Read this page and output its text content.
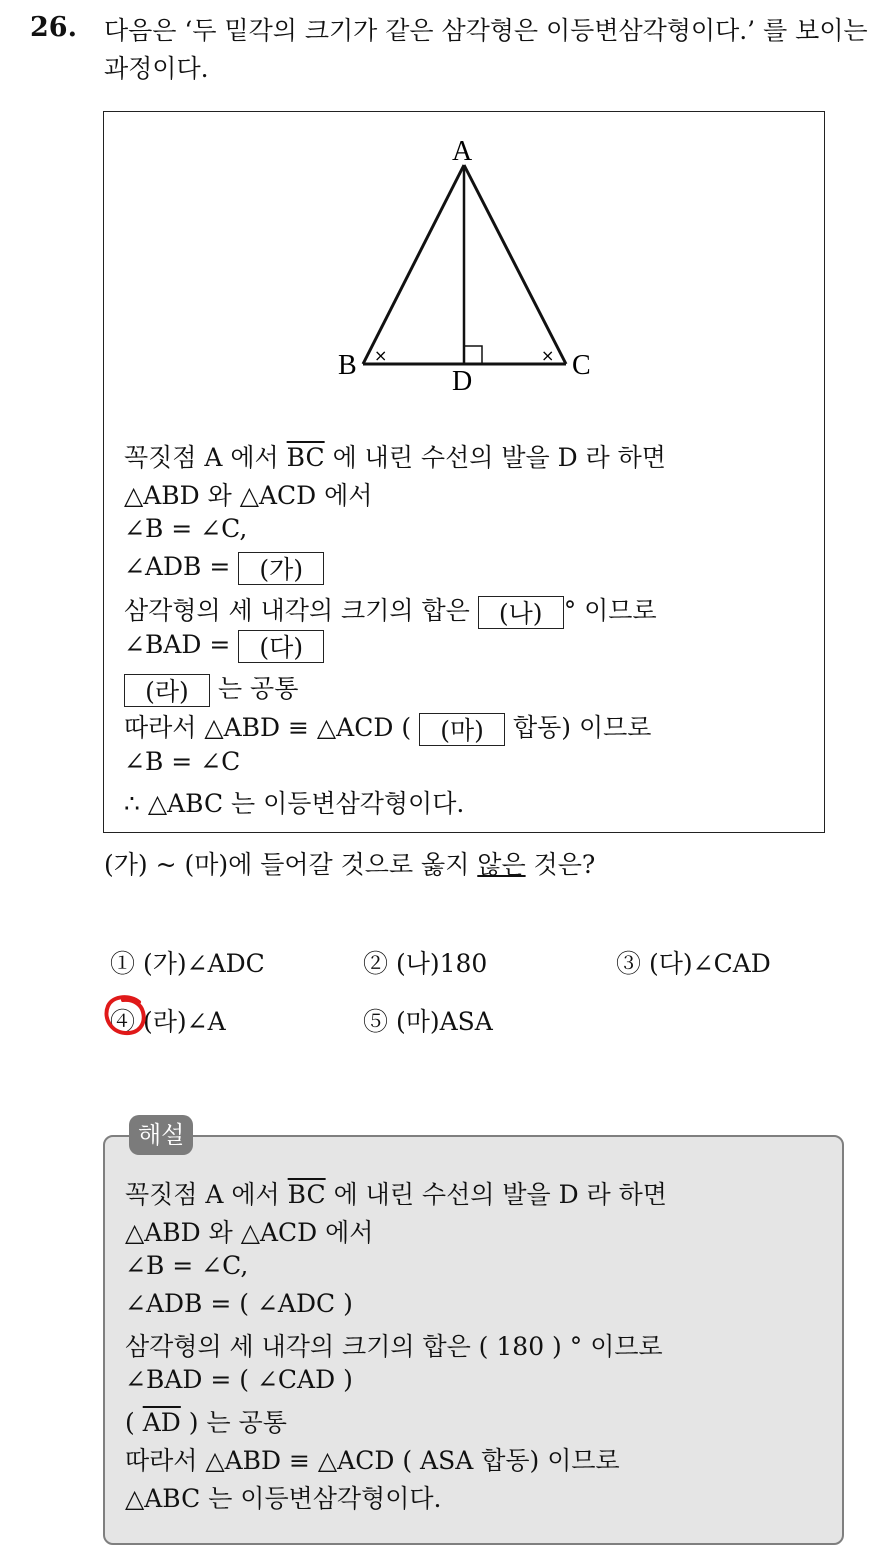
26. 다음은 ‘두 밑각의 크기가 같은 삼각형은 이등변삼각형이다.’ 를 보이는 과정이다.
A
B	C
D
×	×
꼭짓점 A 에서 $\overline{BC}$ 에 내린 수선의 발을 D 라 하면
△ABD 와 △ACD 에서
∠B = ∠C,
∠ADB = (가)
삼각형의 세 내각의 크기의 합은 (나) ° 이므로
∠BAD = (다)
(라) 는 공통
따라서 △ABD ≡ △ACD ( (마) 합동) 이므로
∠B = ∠C
∴ △ABC 는 이등변삼각형이다.
(가) ~ (마)에 들어갈 것으로 옳지 않은 것은?
① (가)∠ADC	② (나)180	③ (다)∠CAD
④ (라)∠A	⑤ (마)ASA
꼭짓점 A 에서 $\overline{BC}$ 에 내린 수선의 발을 D 라 하면
△ABD 와 △ACD 에서
∠B = ∠C,
∠ADB = ( ∠ADC )
삼각형의 세 내각의 크기의 합은 ( 180 ) ° 이므로
∠BAD = ( ∠CAD )
( $\overline{AD}$ ) 는 공통
따라서 △ABD ≡ △ACD ( ASA 합동) 이므로
△ABC 는 이등변삼각형이다.
해설
